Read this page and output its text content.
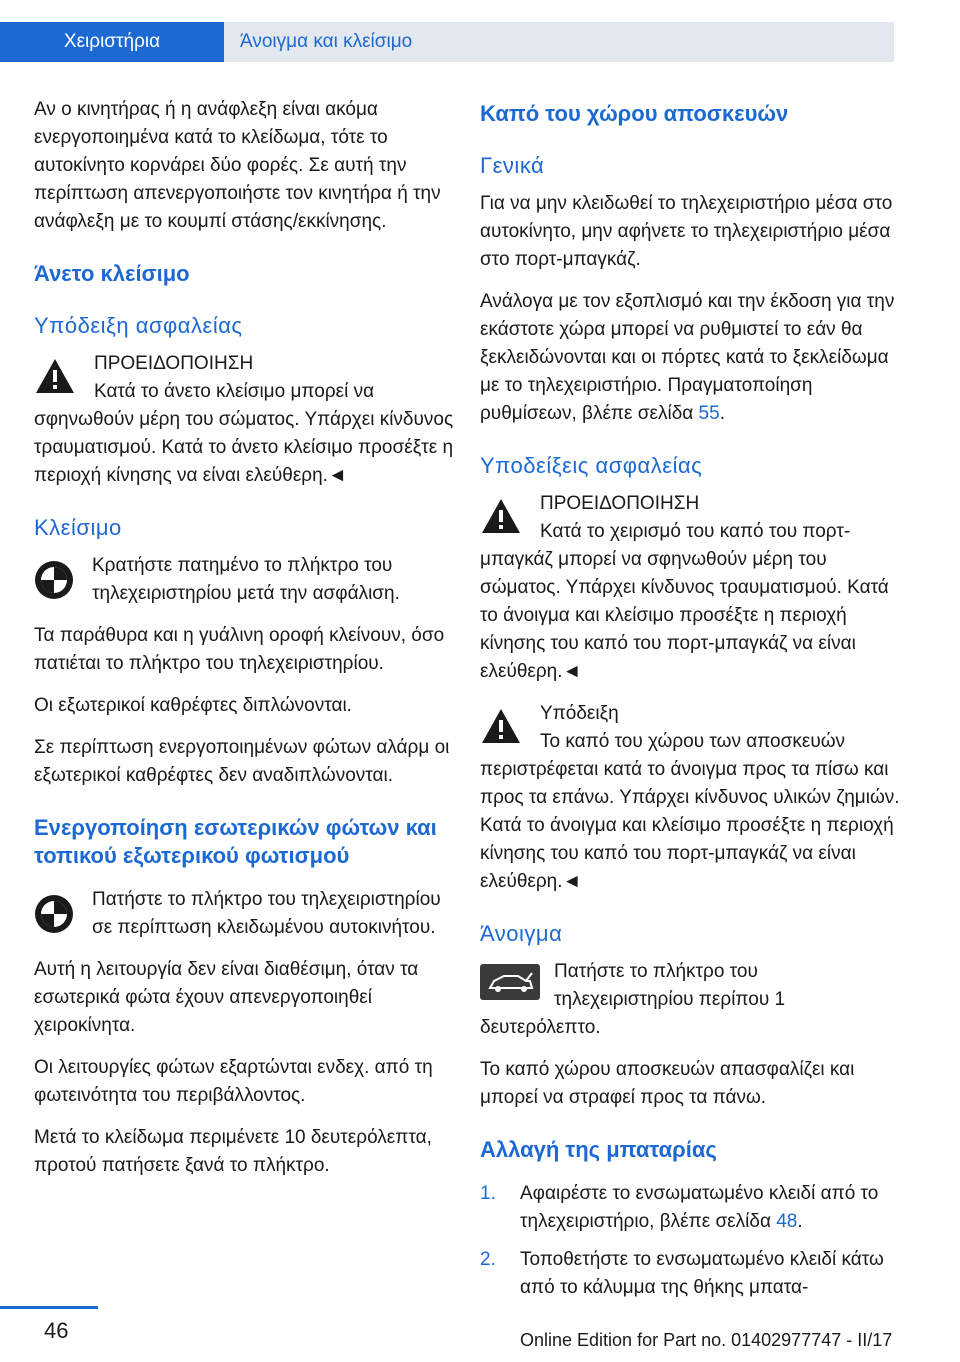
Χειριστήρια	Άνοιγμα και κλείσιμο

Αν ο κινητήρας ή η ανάφλεξη είναι ακόμα ενεργοποιημένα κατά το κλείδωμα, τότε το αυτοκίνητο κορνάρει δύο φορές. Σε αυτή την περίπτωση απενεργοποιήστε τον κινητήρα ή την ανάφλεξη με το κουμπί στάσης/εκκίνησης.

Άνετο κλείσιμο
Υπόδειξη ασφαλείας
ΠΡΟΕΙΔΟΠΟΙΗΣΗ
Κατά το άνετο κλείσιμο μπορεί να σφηνωθούν μέρη του σώματος. Υπάρχει κίνδυνος τραυματισμού. Κατά το άνετο κλείσιμο προσέξτε η περιοχή κίνησης να είναι ελεύθερη.◄
Κλείσιμο
Κρατήστε πατημένο το πλήκτρο του τηλεχειριστηρίου μετά την ασφάλιση.

Τα παράθυρα και η γυάλινη οροφή κλείνουν, όσο πατιέται το πλήκτρο του τηλεχειριστηρίου.

Οι εξωτερικοί καθρέφτες διπλώνονται.

Σε περίπτωση ενεργοποιημένων φώτων αλάρμ οι εξωτερικοί καθρέφτες δεν αναδιπλώνονται.

Ενεργοποίηση εσωτερικών φώτων και τοπικού εξωτερικού φωτισμού
Πατήστε το πλήκτρο του τηλεχειριστηρίου σε περίπτωση κλειδωμένου αυτοκινήτου.

Αυτή η λειτουργία δεν είναι διαθέσιμη, όταν τα εσωτερικά φώτα έχουν απενεργοποιηθεί χειροκίνητα.

Οι λειτουργίες φώτων εξαρτώνται ενδεχ. από τη φωτεινότητα του περιβάλλοντος.

Μετά το κλείδωμα περιμένετε 10 δευτερόλεπτα, προτού πατήσετε ξανά το πλήκτρο.

Καπό του χώρου αποσκευών
Γενικά

Για να μην κλειδωθεί το τηλεχειριστήριο μέσα στο αυτοκίνητο, μην αφήνετε το τηλεχειριστήριο μέσα στο πορτ-μπαγκάζ.

Ανάλογα με τον εξοπλισμό και την έκδοση για την εκάστοτε χώρα μπορεί να ρυθμιστεί το εάν θα ξεκλειδώνονται και οι πόρτες κατά το ξεκλείδωμα με το τηλεχειριστήριο. Πραγματοποίηση ρυθμίσεων, βλέπε σελίδα 55.

Υποδείξεις ασφαλείας
ΠΡΟΕΙΔΟΠΟΙΗΣΗ
Κατά το χειρισμό του καπό του πορτ-μπαγκάζ μπορεί να σφηνωθούν μέρη του σώματος. Υπάρχει κίνδυνος τραυματισμού. Κατά το άνοιγμα και κλείσιμο προσέξτε η περιοχή κίνησης του καπό του πορτ-μπαγκάζ να είναι ελεύθερη.◄
Υπόδειξη
Το καπό του χώρου των αποσκευών περιστρέφεται κατά το άνοιγμα προς τα πίσω και προς τα επάνω. Υπάρχει κίνδυνος υλικών ζημιών. Κατά το άνοιγμα και κλείσιμο προσέξτε η περιοχή κίνησης του καπό του πορτ-μπαγκάζ να είναι ελεύθερη.◄
Άνοιγμα
Πατήστε το πλήκτρο του τηλεχειριστηρίου περίπου 1 δευτερόλεπτο.

Το καπό χώρου αποσκευών απασφαλίζει και μπορεί να στραφεί προς τα πάνω.

Αλλαγή της μπαταρίας
1. Αφαιρέστε το ενσωματωμένο κλειδί από το τηλεχειριστήριο, βλέπε σελίδα 48.
2. Τοποθετήστε το ενσωματωμένο κλειδί κάτω από το κάλυμμα της θήκης μπατα-
46	Online Edition for Part no. 01402977747 - II/17
